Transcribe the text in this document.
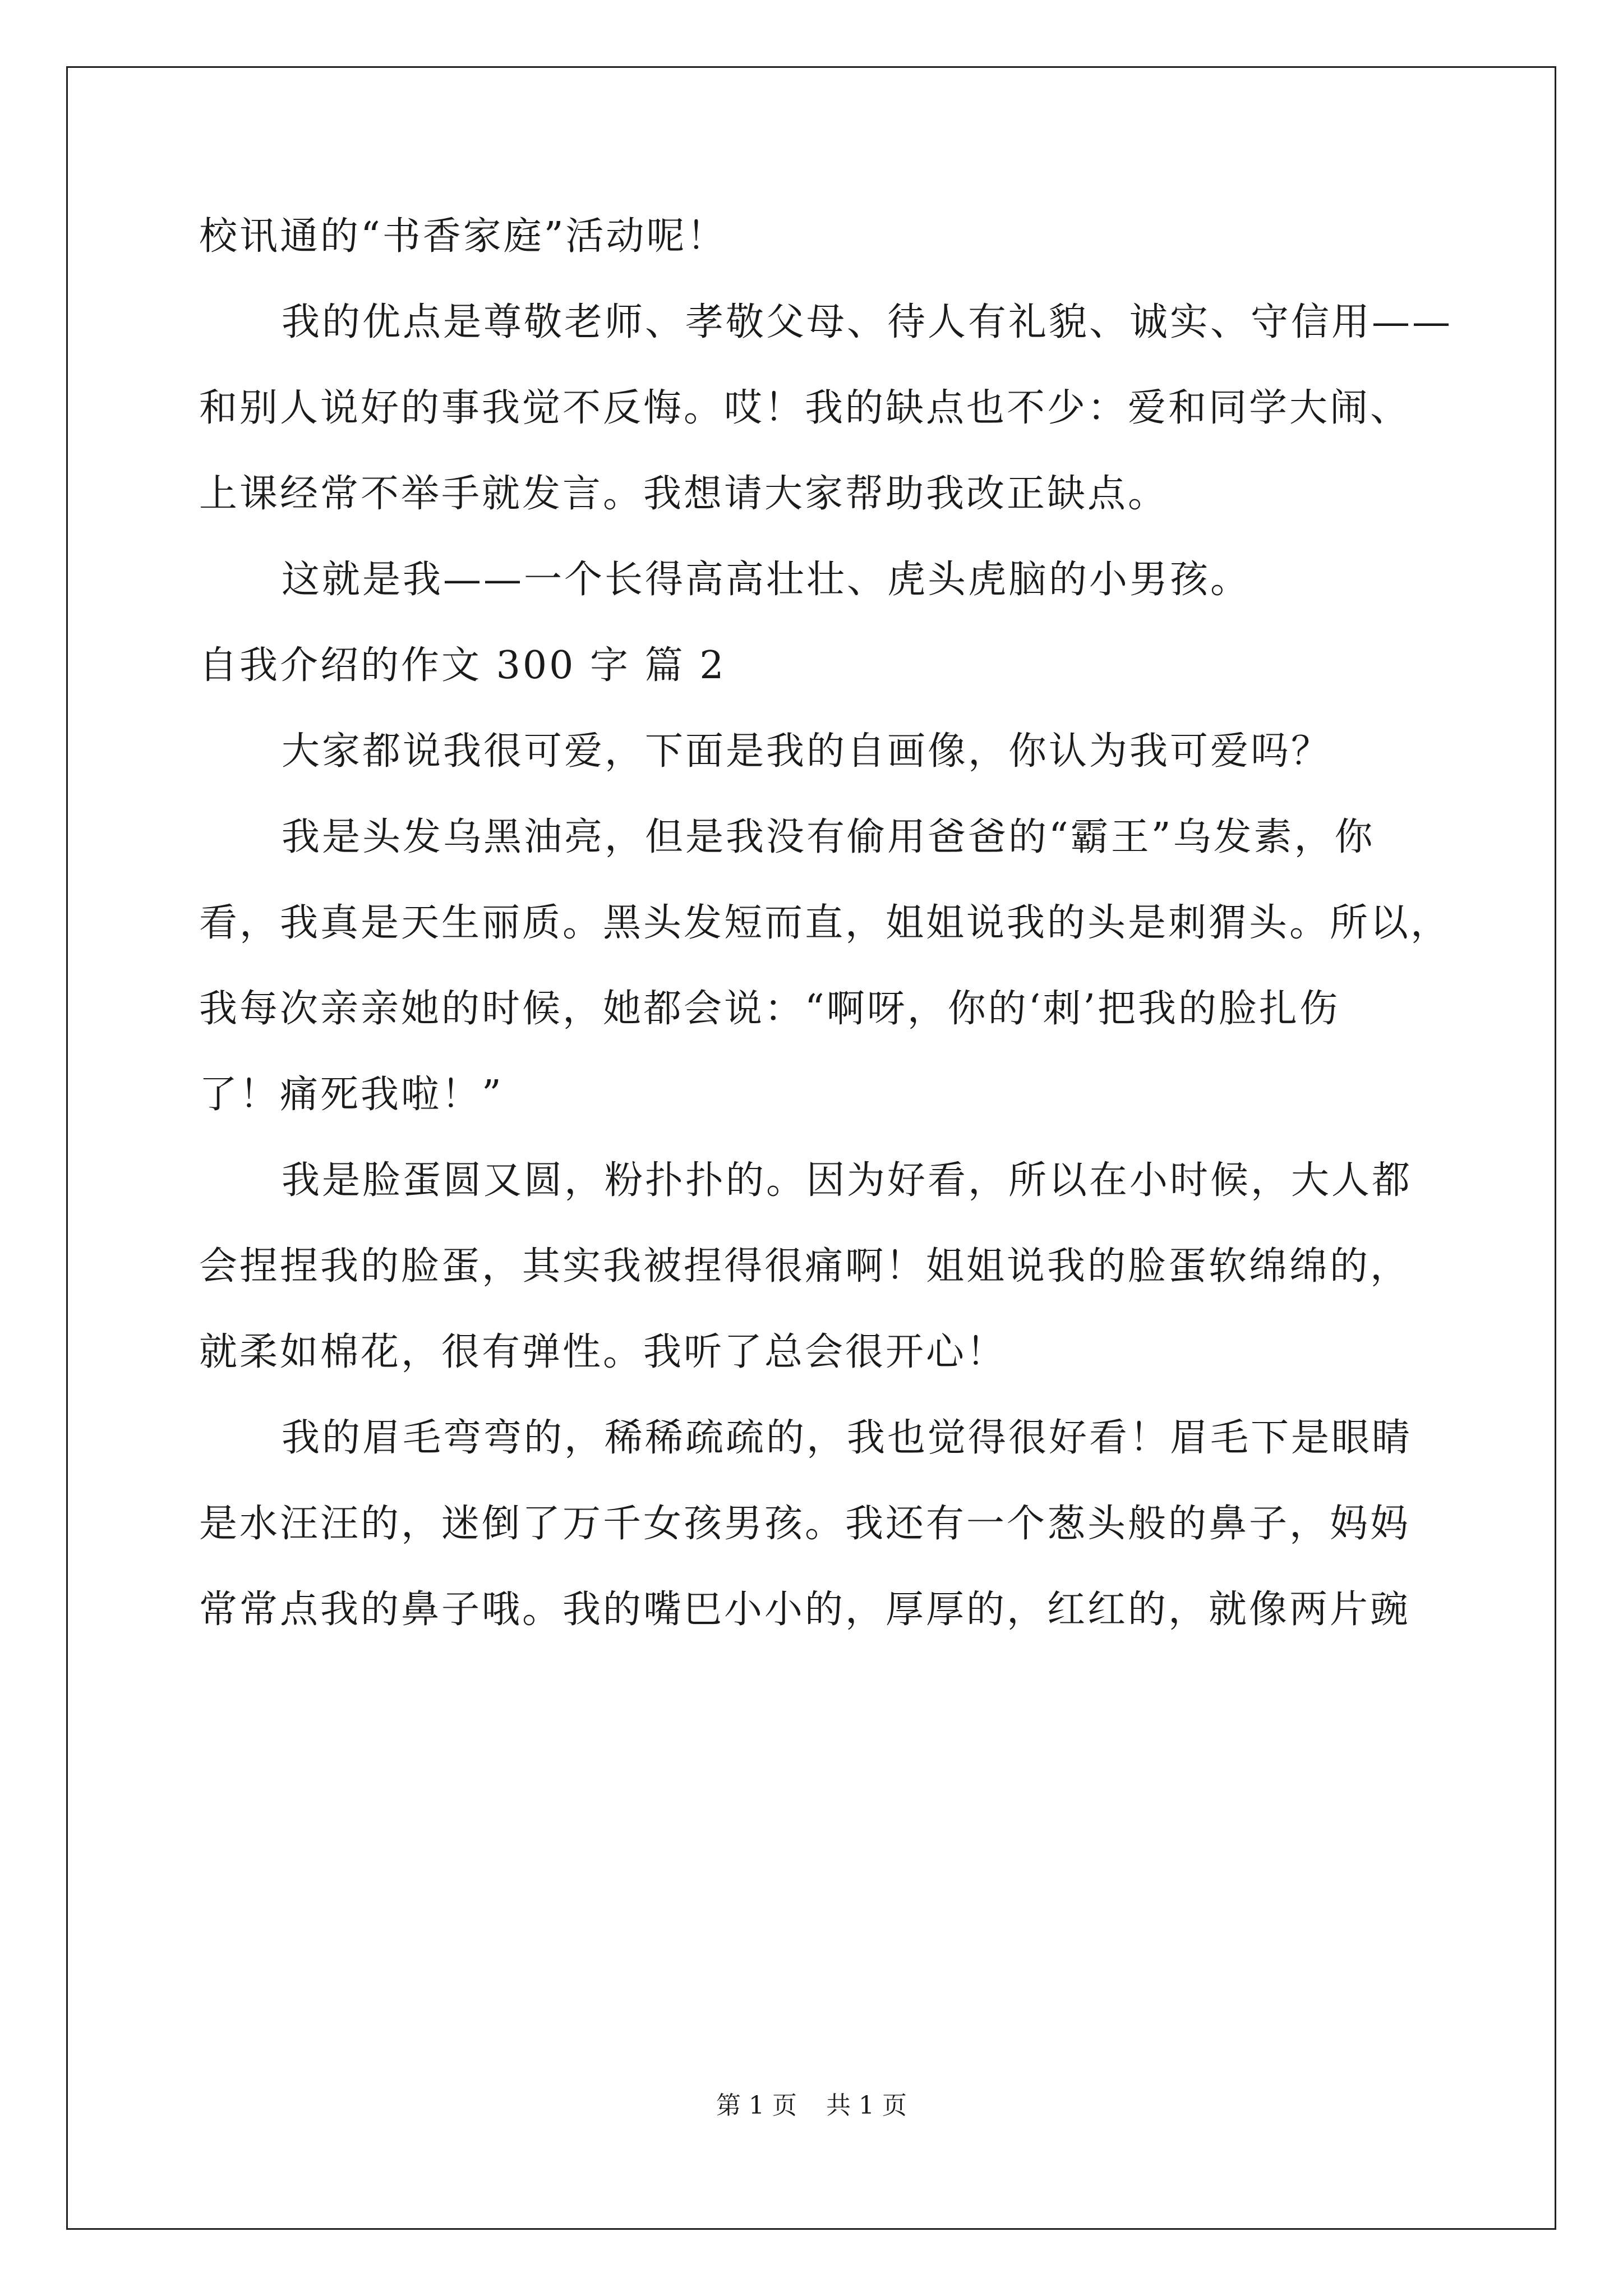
校讯通的“书香家庭”活动呢！
我的优点是尊敬老师、孝敬父母、待人有礼貌、诚实、守信用——
和别人说好的事我觉不反悔。哎！我的缺点也不少：爱和同学大闹、
上课经常不举手就发言。我想请大家帮助我改正缺点。
这就是我——一个长得高高壮壮、虎头虎脑的小男孩。
自我介绍的作文 300 字 篇 2
大家都说我很可爱，下面是我的自画像，你认为我可爱吗？
我是头发乌黑油亮，但是我没有偷用爸爸的“霸王”乌发素，你
看，我真是天生丽质。黑头发短而直，姐姐说我的头是刺猬头。所以，
我每次亲亲她的时候，她都会说：“啊呀，你的‘刺’把我的脸扎伤
了！痛死我啦！”
我是脸蛋圆又圆，粉扑扑的。因为好看，所以在小时候，大人都
会捏捏我的脸蛋，其实我被捏得很痛啊！姐姐说我的脸蛋软绵绵的，
就柔如棉花，很有弹性。我听了总会很开心！
我的眉毛弯弯的，稀稀疏疏的，我也觉得很好看！眉毛下是眼睛
是水汪汪的，迷倒了万千女孩男孩。我还有一个葱头般的鼻子，妈妈
常常点我的鼻子哦。我的嘴巴小小的，厚厚的，红红的，就像两片豌
第 1 页 共 1 页
